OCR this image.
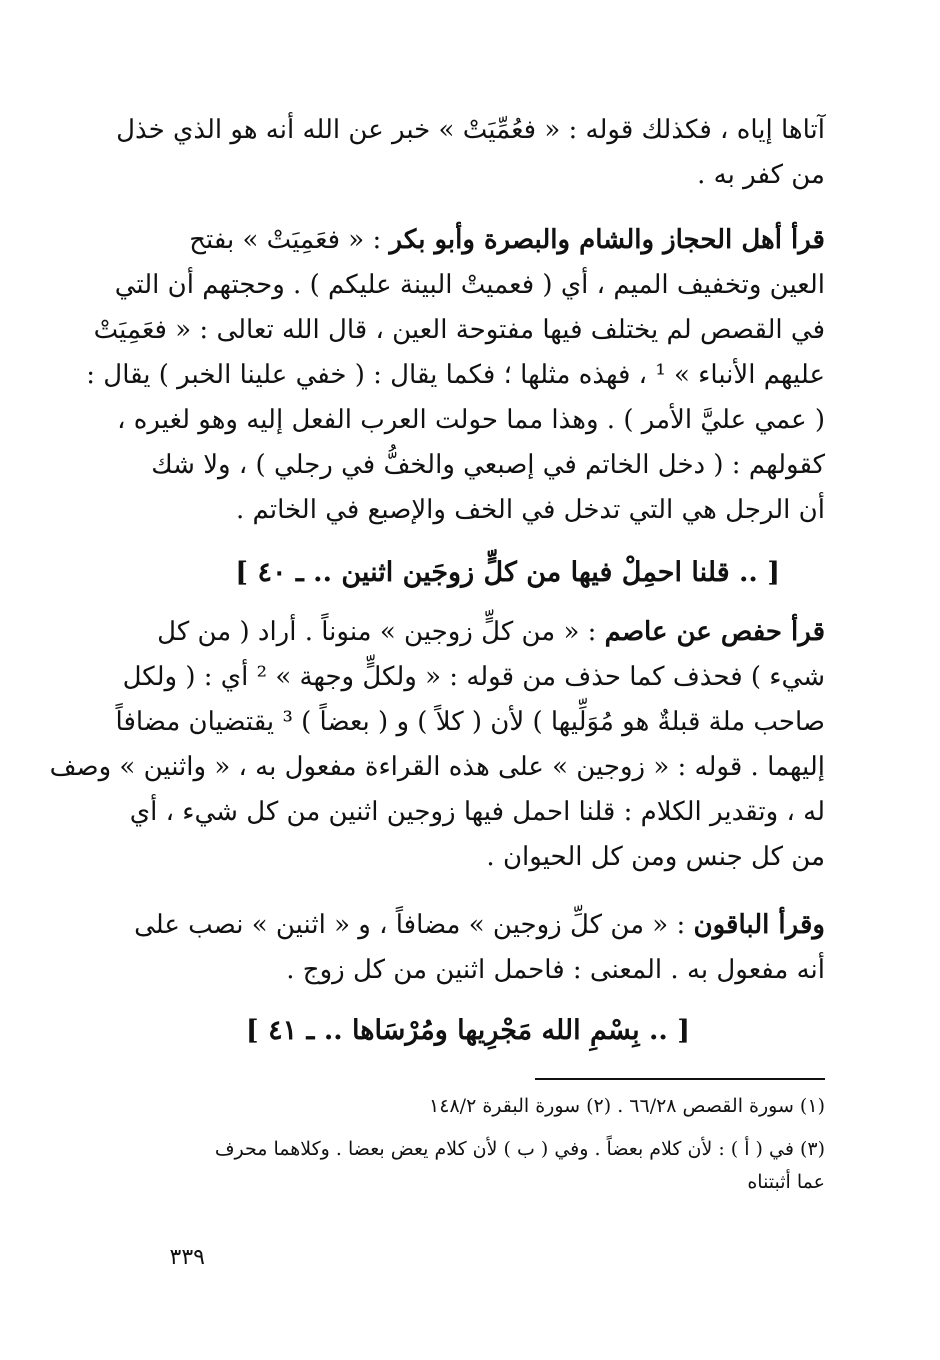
آتاها إياه ، فكذلك قوله : « فعُمِّيَتْ » خبر عن الله أنه هو الذي خذل
من كفر به .
قرأ أهل الحجاز والشام والبصرة وأبو بكر : « فعَمِيَتْ » بفتح
العين وتخفيف الميم ، أي ( فعميتْ البينة عليكم ) . وحجتهم أن التي
في القصص لم يختلف فيها مفتوحة العين ، قال الله تعالى : « فعَمِيَتْ
عليهم الأنباء » ¹ ، فهذه مثلها ؛ فكما يقال : ( خفي علينا الخبر ) يقال :
( عمي عليَّ الأمر ) . وهذا مما حولت العرب الفعل إليه وهو لغيره ،
كقولهم : ( دخل الخاتم في إصبعي والخفُّ في رجلي ) ، ولا شك
أن الرجل هي التي تدخل في الخف والإصبع في الخاتم .
[ .. قلنا احمِلْ فيها من كلٍّ زوجَين اثنين .. ـ ٤٠ ]
قرأ حفص عن عاصم : « من كلٍّ زوجين » منوناً . أراد ( من كل
شيء ) فحذف كما حذف من قوله : « ولكلٍّ وجهة » ² أي : ( ولكل
صاحب ملة قبلةٌ هو مُوَلِّيها ) لأن ( كلاً ) و ( بعضاً ) ³ يقتضيان مضافاً
إليهما . قوله : « زوجين » على هذه القراءة مفعول به ، « واثنين » وصف
له ، وتقدير الكلام : قلنا احمل فيها زوجين اثنين من كل شيء ، أي
من كل جنس ومن كل الحيوان .
وقرأ الباقون : « من كلِّ زوجين » مضافاً ، و « اثنين » نصب على
أنه مفعول به . المعنى : فاحمل اثنين من كل زوج .
[ .. بِسْمِ الله مَجْرِيها ومُرْسَاها .. ـ ٤١ ]
(١) سورة القصص ٦٦/٢٨ . (٢) سورة البقرة ١٤٨/٢
(٣) في ( أ ) : لأن كلام بعضاً . وفي ( ب ) لأن كلام يعض بعضا . وكلاهما محرف
عما أثبتناه
٣٣٩
